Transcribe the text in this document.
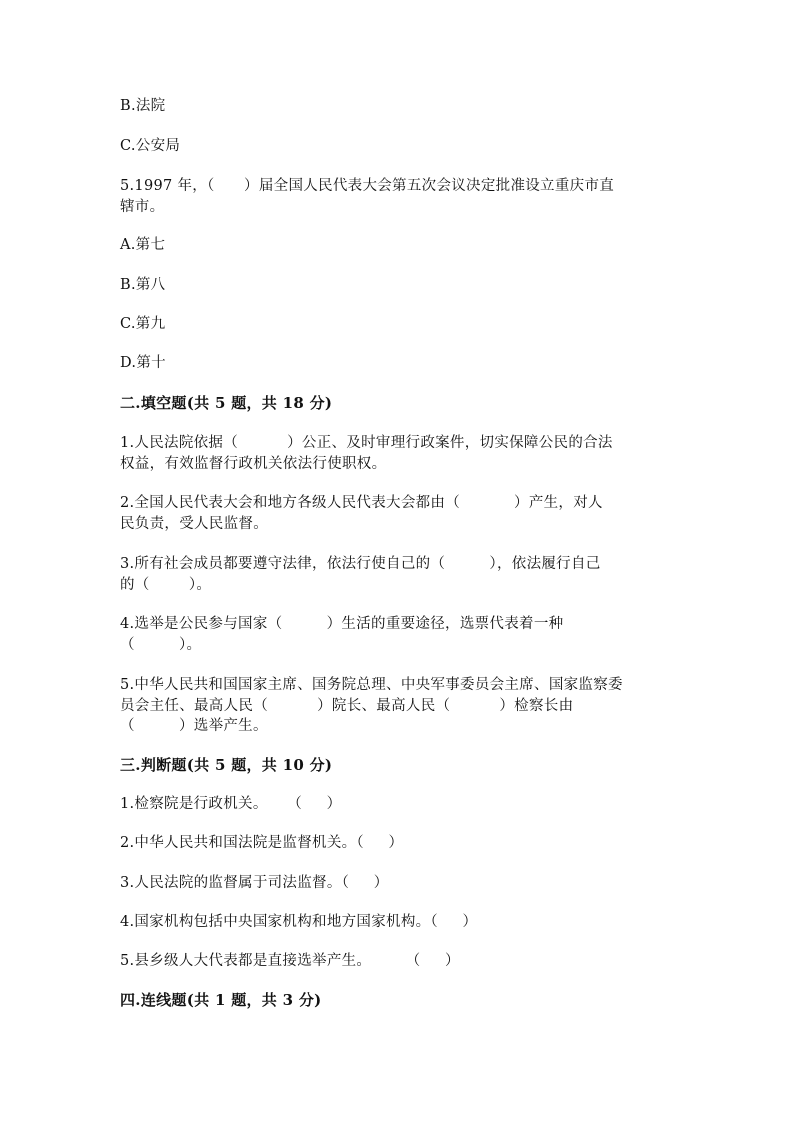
B.法院
C.公安局
5.1997 年，（      ）届全国人民代表大会第五次会议决定批准设立重庆市直
辖市。
A.第七
B.第八
C.第九
D.第十
二.填空题(共 5 题，共 18 分)
1.人民法院依据（          ）公正、及时审理行政案件，切实保障公民的合法
权益，有效监督行政机关依法行使职权。
2.全国人民代表大会和地方各级人民代表大会都由（           ）产生，对人
民负责，受人民监督。
3.所有社会成员都要遵守法律，依法行使自己的（         ），依法履行自己
的（        ）。
4.选举是公民参与国家（         ）生活的重要途径，选票代表着一种
（         ）。
5.中华人民共和国国家主席、国务院总理、中央军事委员会主席、国家监察委
员会主任、最高人民（          ）院长、最高人民（          ）检察长由
（         ）选举产生。
三.判断题(共 5 题，共 10 分)
1.检察院是行政机关。    （     ）
2.中华人民共和国法院是监督机关。（     ）
3.人民法院的监督属于司法监督。（     ）
4.国家机构包括中央国家机构和地方国家机构。（     ）
5.县乡级人大代表都是直接选举产生。       （     ）
四.连线题(共 1 题，共 3 分)
